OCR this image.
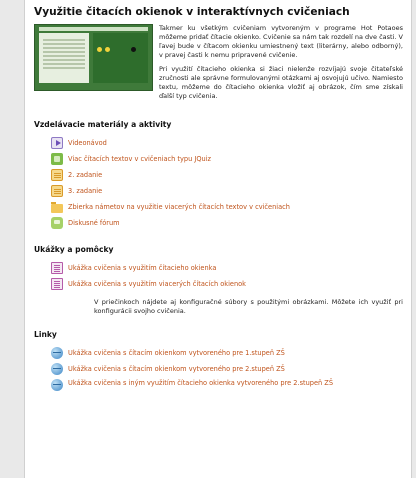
Využitie čitacích okienok v interaktívnych cvičeniach

Takmer ku všetkým cvičeniam vytvoreným v programe Hot Potaoes môžeme pridať čítacie okienko. Cvičenie sa nám tak rozdelí na dve časti. V ľavej bude v čítacom okienku umiestnený text (literárny, alebo odborný), v pravej časti k nemu pripravené cvičenie.

Pri využití čítacieho okienka si žiaci nielenže rozvíjajú svoje čitateľské zručnosti ale správne formulovanými otázkami aj osvojujú učivo. Namiesto textu, môžeme do čítacieho okienka vložiť aj obrázok, čím sme získali ďalší typ cvičenia.

Vzdelávacie materiály a aktivity
Videonávod
Viac čítacích textov v cvičeniach typu JQuiz
2. zadanie
3. zadanie
Zbierka námetov na využitie viacerých čítacích textov v cvičeniach
Diskusné fórum
Ukážky a pomôcky
Ukážka cvičenia s využitím čítacieho okienka
Ukážka cvičenia s využitím viacerých čítacích okienok
V priečinkoch nájdete aj konfiguračné súbory s použitými obrázkami. Môžete ich využiť pri konfigurácii svojho cvičenia.
Linky
Ukážka cvičenia s čítacím okienkom vytvoreného pre 1.stupeň ZŠ
Ukážka cvičenia s čítacím okienkom vytvoreného pre 2.stupeň ZŠ
Ukážka cvičenia s iným využitím čítacieho okienka vytvoreného pre 2.stupeň ZŠ
